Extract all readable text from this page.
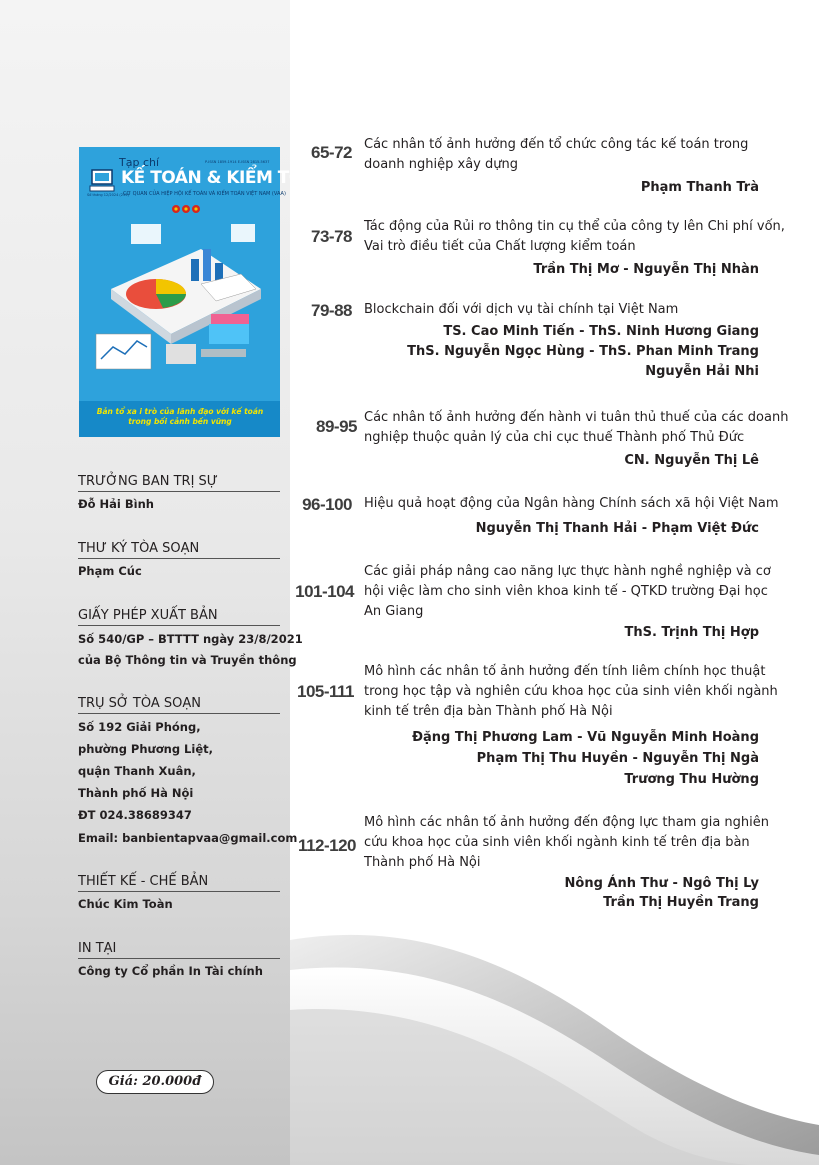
Tạp chí
KẾ TOÁN & KIỂM TOÁN
CƠ QUAN CỦA HIỆP HỘI KẾ TOÁN VÀ KIỂM TOÁN VIỆT NAM (VAA)
P-ISSN 1859-1914 E-ISSN 2815-5637
Số tháng 12/2024 (255)
Bản tổ xa i trò của lãnh đạo với kế toán
trong bối cảnh bền vững
TRƯỞNG BAN TRỊ SỰ
Đỗ Hải Bình
THƯ KÝ TÒA SOẠN
Phạm Cúc
GIẤY PHÉP XUẤT BẢN
Số 540/GP – BTTTT ngày 23/8/2021
của Bộ Thông tin và Truyền thông
TRỤ SỞ TÒA SOẠN
Số 192 Giải Phóng,
phường Phương Liệt,
quận Thanh Xuân,
Thành phố Hà Nội
ĐT 024.38689347
Email: banbientapvaa@gmail.com
THIẾT KẾ - CHẾ BẢN
Chúc Kim Toàn
IN TẠI
Công ty Cổ phần In Tài chính
Giá: 20.000đ
65-72 Các nhân tố ảnh hưởng đến tổ chức công tác kế toán trong
doanh nghiệp xây dựng
Phạm Thanh Trà
73-78
Tác động của Rủi ro thông tin cụ thể của công ty lên Chi phí vốn,
Vai trò điều tiết của Chất lượng kiểm toán
Trần Thị Mơ - Nguyễn Thị Nhàn
79-88 Blockchain đối với dịch vụ tài chính tại Việt Nam
TS. Cao Minh Tiến - ThS. Ninh Hương Giang
ThS. Nguyễn Ngọc Hùng - ThS. Phan Minh Trang
Nguyễn Hải Nhi
89-95 Các nhân tố ảnh hưởng đến hành vi tuân thủ thuế của các doanh
nghiệp thuộc quản lý của chi cục thuế Thành phố Thủ Đức
CN. Nguyễn Thị Lê
96-100 Hiệu quả hoạt động của Ngân hàng Chính sách xã hội Việt Nam
Nguyễn Thị Thanh Hải - Phạm Việt Đức
101-104
Các giải pháp nâng cao năng lực thực hành nghề nghiệp và cơ
hội việc làm cho sinh viên khoa kinh tế - QTKD trường Đại học
An Giang
ThS. Trịnh Thị Hợp
105-111
Mô hình các nhân tố ảnh hưởng đến tính liêm chính học thuật
trong học tập và nghiên cứu khoa học của sinh viên khối ngành
kinh tế trên địa bàn Thành phố Hà Nội
Đặng Thị Phương Lam - Vũ Nguyễn Minh Hoàng
Phạm Thị Thu Huyền - Nguyễn Thị Ngà
Trương Thu Hường
112-120
Mô hình các nhân tố ảnh hưởng đến động lực tham gia nghiên
cứu khoa học của sinh viên khối ngành kinh tế trên địa bàn
Thành phố Hà Nội
Nông Ánh Thư - Ngô Thị Ly
Trần Thị Huyền Trang
